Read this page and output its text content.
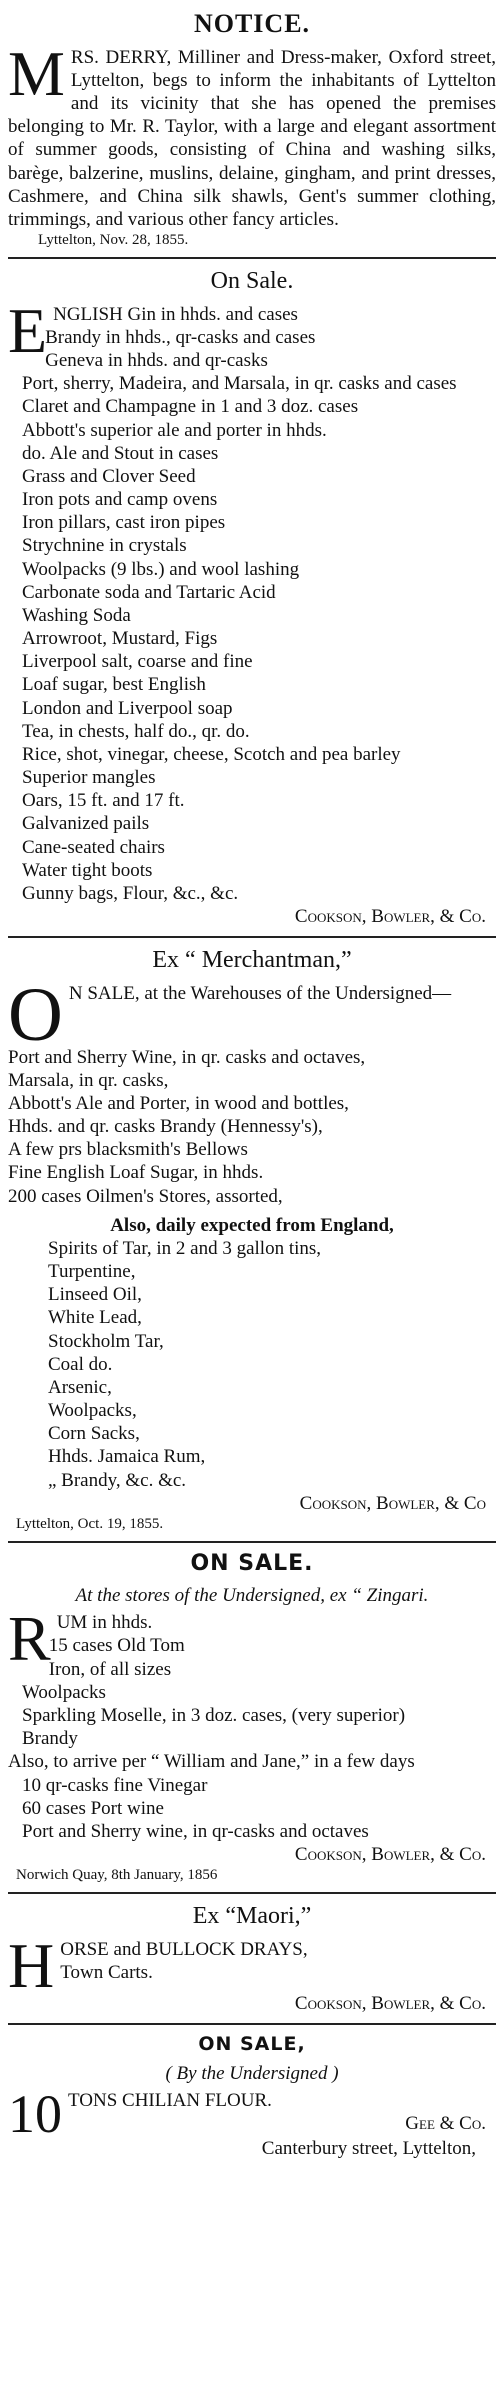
NOTICE.
M RS. DERRY, Milliner and Dress-maker, Oxford street, Lyttelton, begs to inform the inhabitants of Lyttelton and its vicinity that she has opened the premises belonging to Mr. R. Taylor, with a large and elegant assortment of summer goods, consisting of China and washing silks, barège, balzerine, muslins, delaine, gingham, and print dresses, Cashmere, and China silk shawls, Gent's summer clothing, trimmings, and various other fancy articles.
Lyttelton, Nov. 28, 1855.
On Sale.
E NGLISH Gin in hhds. and cases
Brandy in hhds., qr-casks and cases
Geneva in hhds. and qr-casks
Port, sherry, Madeira, and Marsala, in qr. casks and cases
Claret and Champagne in 1 and 3 doz. cases
Abbott's superior ale and porter in hhds.
do. Ale and Stout in cases
Grass and Clover Seed
Iron pots and camp ovens
Iron pillars, cast iron pipes
Strychnine in crystals
Woolpacks (9 lbs.) and wool lashing
Carbonate soda and Tartaric Acid
Washing Soda
Arrowroot, Mustard, Figs
Liverpool salt, coarse and fine
Loaf sugar, best English
London and Liverpool soap
Tea, in chests, half do., qr. do.
Rice, shot, vinegar, cheese, Scotch and pea barley
Superior mangles
Oars, 15 ft. and 17 ft.
Galvanized pails
Cane-seated chairs
Water tight boots
Gunny bags, Flour, &c., &c.
Cookson, Bowler, & Co.
Ex “ Merchantman,”
O N SALE, at the Warehouses of the Undersigned—
Port and Sherry Wine, in qr. casks and octaves,
Marsala, in qr. casks,
Abbott's Ale and Porter, in wood and bottles,
Hhds. and qr. casks Brandy (Hennessy's),
A few prs blacksmith's Bellows
Fine English Loaf Sugar, in hhds.
200 cases Oilmen's Stores, assorted,
Also, daily expected from England,
Spirits of Tar, in 2 and 3 gallon tins,
Turpentine,
Linseed Oil,
White Lead,
Stockholm Tar,
Coal do.
Arsenic,
Woolpacks,
Corn Sacks,
Hhds. Jamaica Rum,
„ Brandy, &c. &c.
Cookson, Bowler, & Co
Lyttelton, Oct. 19, 1855.
ON SALE.
At the stores of the Undersigned, ex “ Zingari.
R UM in hhds.
15 cases Old Tom
Iron, of all sizes
Woolpacks
Sparkling Moselle, in 3 doz. cases, (very superior)
Brandy
Also, to arrive per “ William and Jane,” in a few days
10 qr-casks fine Vinegar
60 cases Port wine
Port and Sherry wine, in qr-casks and octaves
Cookson, Bowler, & Co.
Norwich Quay, 8th January, 1856
Ex “Maori,”
H ORSE and BULLOCK DRAYS,
Town Carts.
Cookson, Bowler, & Co.
ON SALE,
( By the Undersigned )
10 TONS CHILIAN FLOUR.
Gee & Co.
Canterbury street, Lyttelton,
